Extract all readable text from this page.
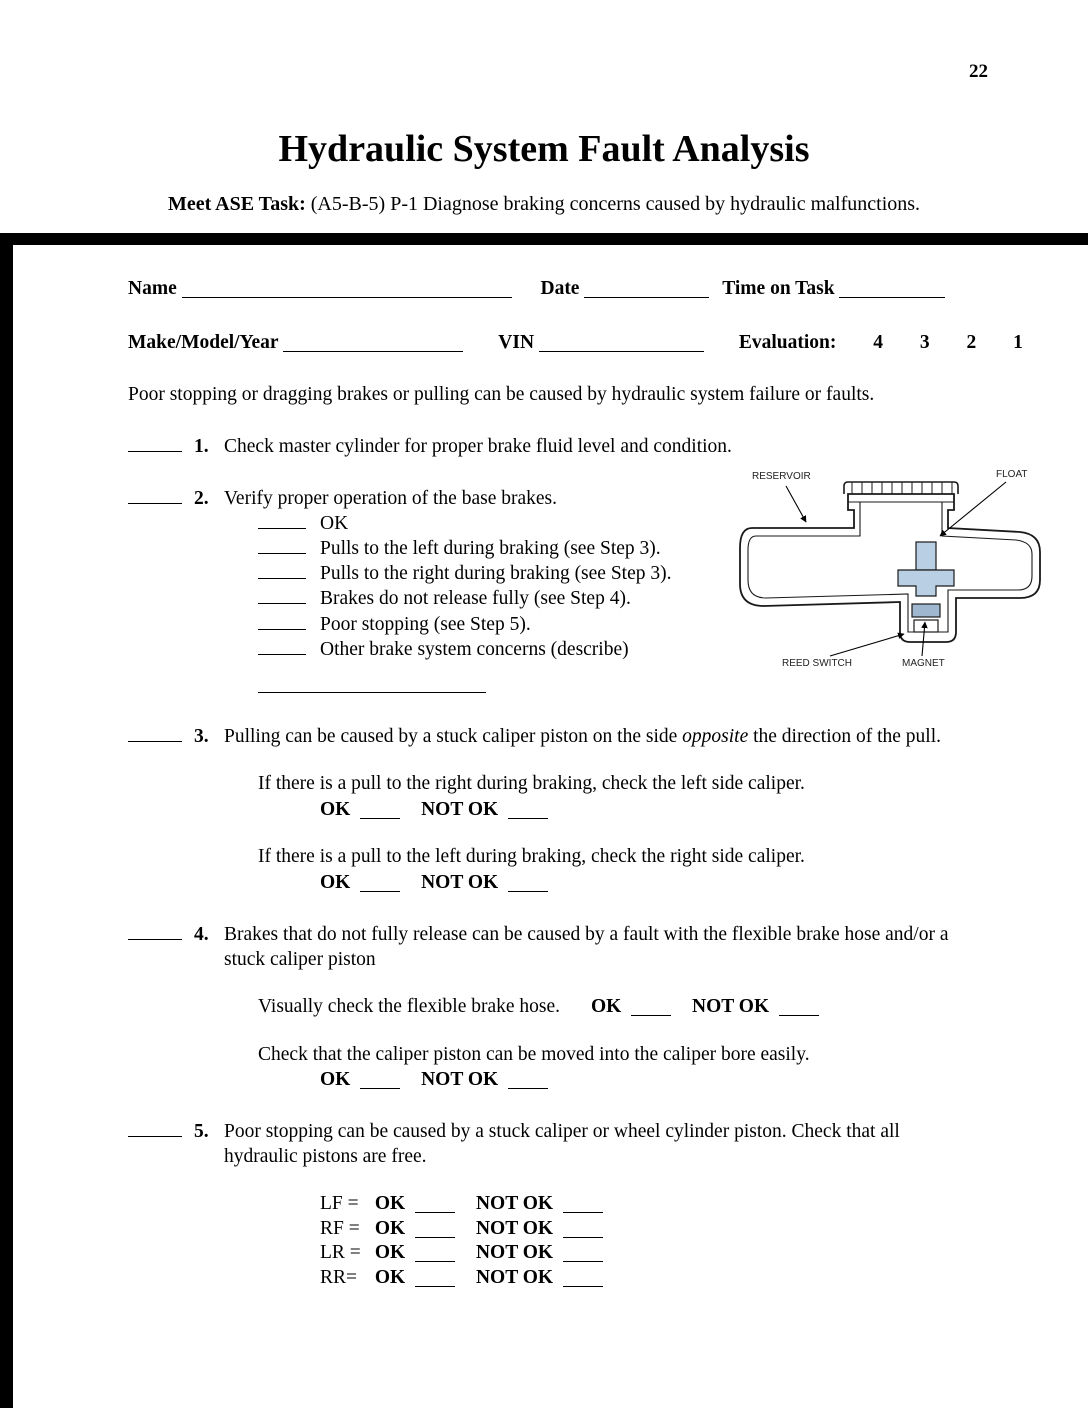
22
Hydraulic System Fault Analysis
Meet ASE Task: (A5-B-5) P-1 Diagnose braking concerns caused by hydraulic malfunctions.
Name	Date	Time on Task
Make/Model/Year	VIN	Evaluation: 4 3 2 1

Poor stopping or dragging brakes or pulling can be caused by hydraulic system failure or faults.

1. Check master cylinder for proper brake fluid level and condition.
2. Verify proper operation of the base brakes.
OK
Pulls to the left during braking (see Step 3).
Pulls to the right during braking (see Step 3).
Brakes do not release fully (see Step 4).
Poor stopping (see Step 5).
Other brake system concerns (describe)
3. Pulling can be caused by a stuck caliper piston on the side opposite the direction of the pull.
If there is a pull to the right during braking, check the left side caliper.
OK	NOT OK
If there is a pull to the left during braking, check the right side caliper.
OK	NOT OK
4. Brakes that do not fully release can be caused by a fault with the flexible brake hose and/or a stuck caliper piston
Visually check the flexible brake hose. OK	NOT OK
Check that the caliper piston can be moved into the caliper bore easily.
OK	NOT OK
5. Poor stopping can be caused by a stuck caliper or wheel cylinder piston. Check that all hydraulic pistons are free.
LF = OK	NOT OK
RF = OK	NOT OK
LR = OK	NOT OK
RR= OK	NOT OK
RESERVOIR	FLOAT
REED SWITCH	MAGNET
